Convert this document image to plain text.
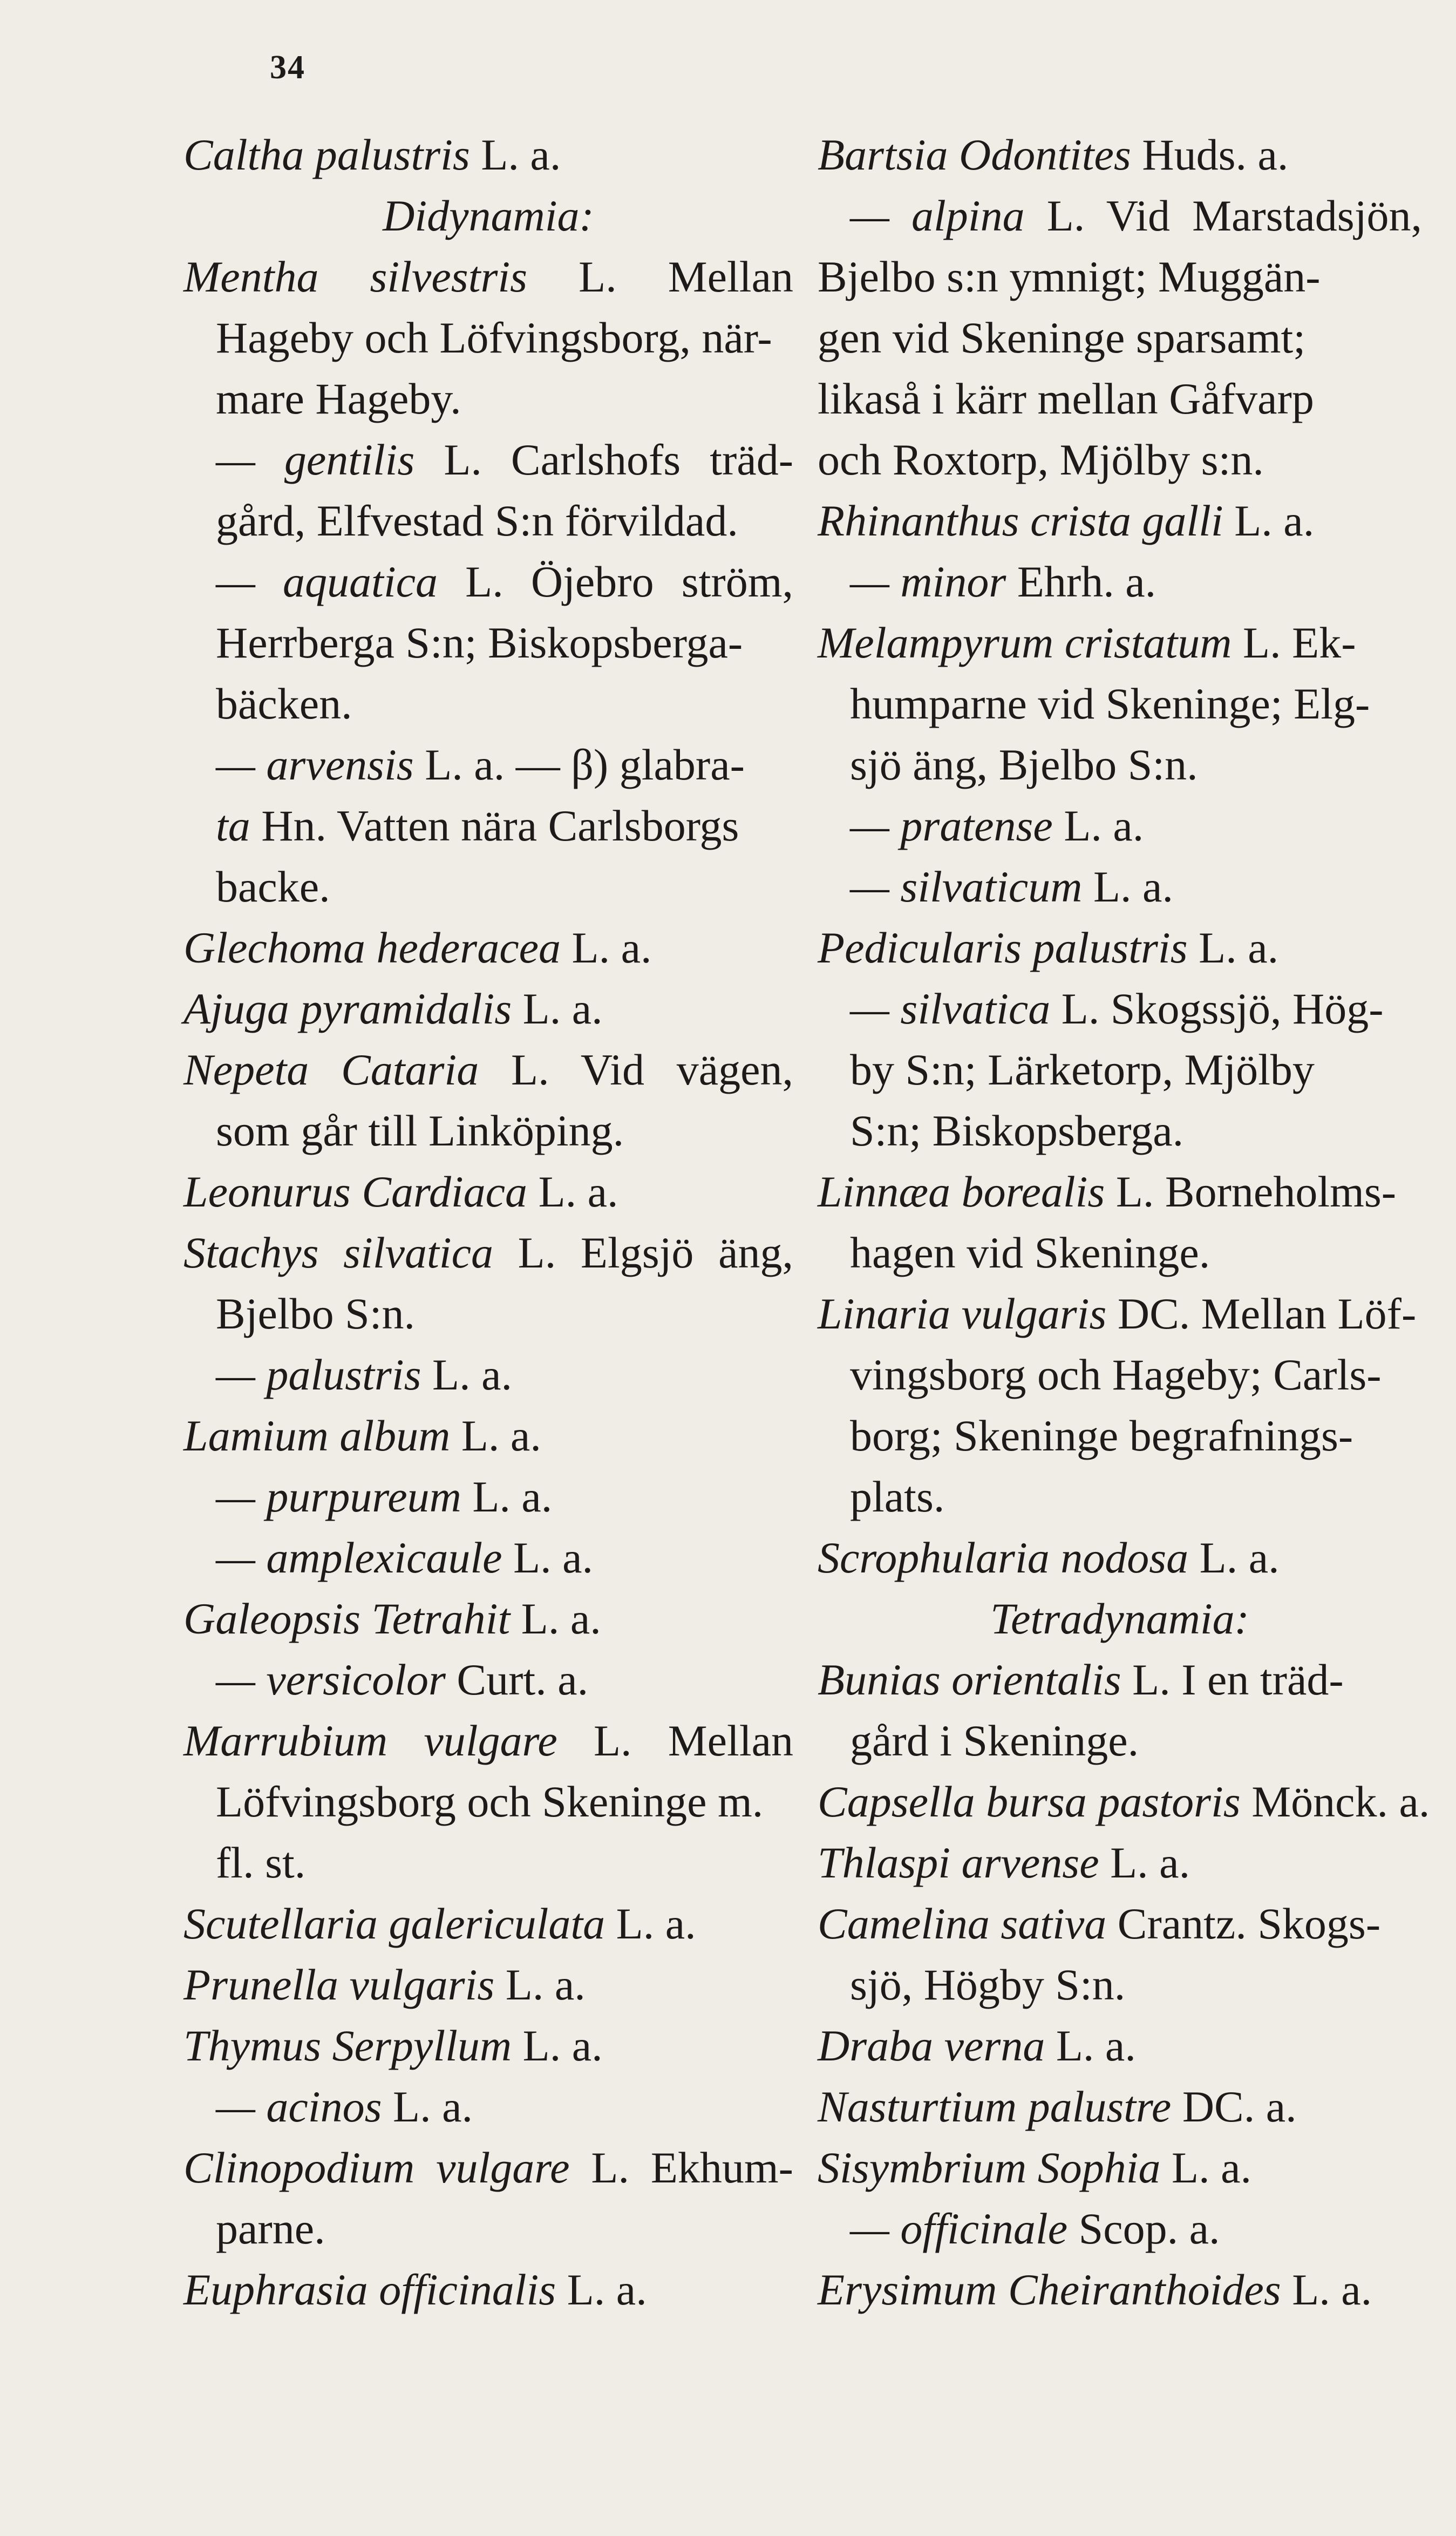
34
Caltha palustris L. a.
Didynamia:
Mentha silvestris L. Mellan
Hageby och Löfvingsborg, när-
mare Hageby.
— gentilis L. Carlshofs träd-
gård, Elfvestad S:n förvildad.
— aquatica L. Öjebro ström,
Herrberga S:n; Biskopsberga-
bäcken.
— arvensis L. a. — β) glabra-
ta Hn. Vatten nära Carlsborgs
backe.
Glechoma hederacea L. a.
Ajuga pyramidalis L. a.
Nepeta Cataria L. Vid vägen,
som går till Linköping.
Leonurus Cardiaca L. a.
Stachys silvatica L. Elgsjö äng,
Bjelbo S:n.
— palustris L. a.
Lamium album L. a.
— purpureum L. a.
— amplexicaule L. a.
Galeopsis Tetrahit L. a.
— versicolor Curt. a.
Marrubium vulgare L. Mellan
Löfvingsborg och Skeninge m.
fl. st.
Scutellaria galericulata L. a.
Prunella vulgaris L. a.
Thymus Serpyllum L. a.
— acinos L. a.
Clinopodium vulgare L. Ekhum-
parne.
Euphrasia officinalis L. a.
Bartsia Odontites Huds. a.
— alpina L. Vid Marstadsjön,
Bjelbo s:n ymnigt; Muggän-
gen vid Skeninge sparsamt;
likaså i kärr mellan Gåfvarp
och Roxtorp, Mjölby s:n.
Rhinanthus crista galli L. a.
— minor Ehrh. a.
Melampyrum cristatum L. Ek-
humparne vid Skeninge; Elg-
sjö äng, Bjelbo S:n.
— pratense L. a.
— silvaticum L. a.
Pedicularis palustris L. a.
— silvatica L. Skogssjö, Hög-
by S:n; Lärketorp, Mjölby
S:n; Biskopsberga.
Linnæa borealis L. Borneholms-
hagen vid Skeninge.
Linaria vulgaris DC. Mellan Löf-
vingsborg och Hageby; Carls-
borg; Skeninge begrafnings-
plats.
Scrophularia nodosa L. a.
Tetradynamia:
Bunias orientalis L. I en träd-
gård i Skeninge.
Capsella bursa pastoris Mönck. a.
Thlaspi arvense L. a.
Camelina sativa Crantz. Skogs-
sjö, Högby S:n.
Draba verna L. a.
Nasturtium palustre DC. a.
Sisymbrium Sophia L. a.
— officinale Scop. a.
Erysimum Cheiranthoides L. a.
